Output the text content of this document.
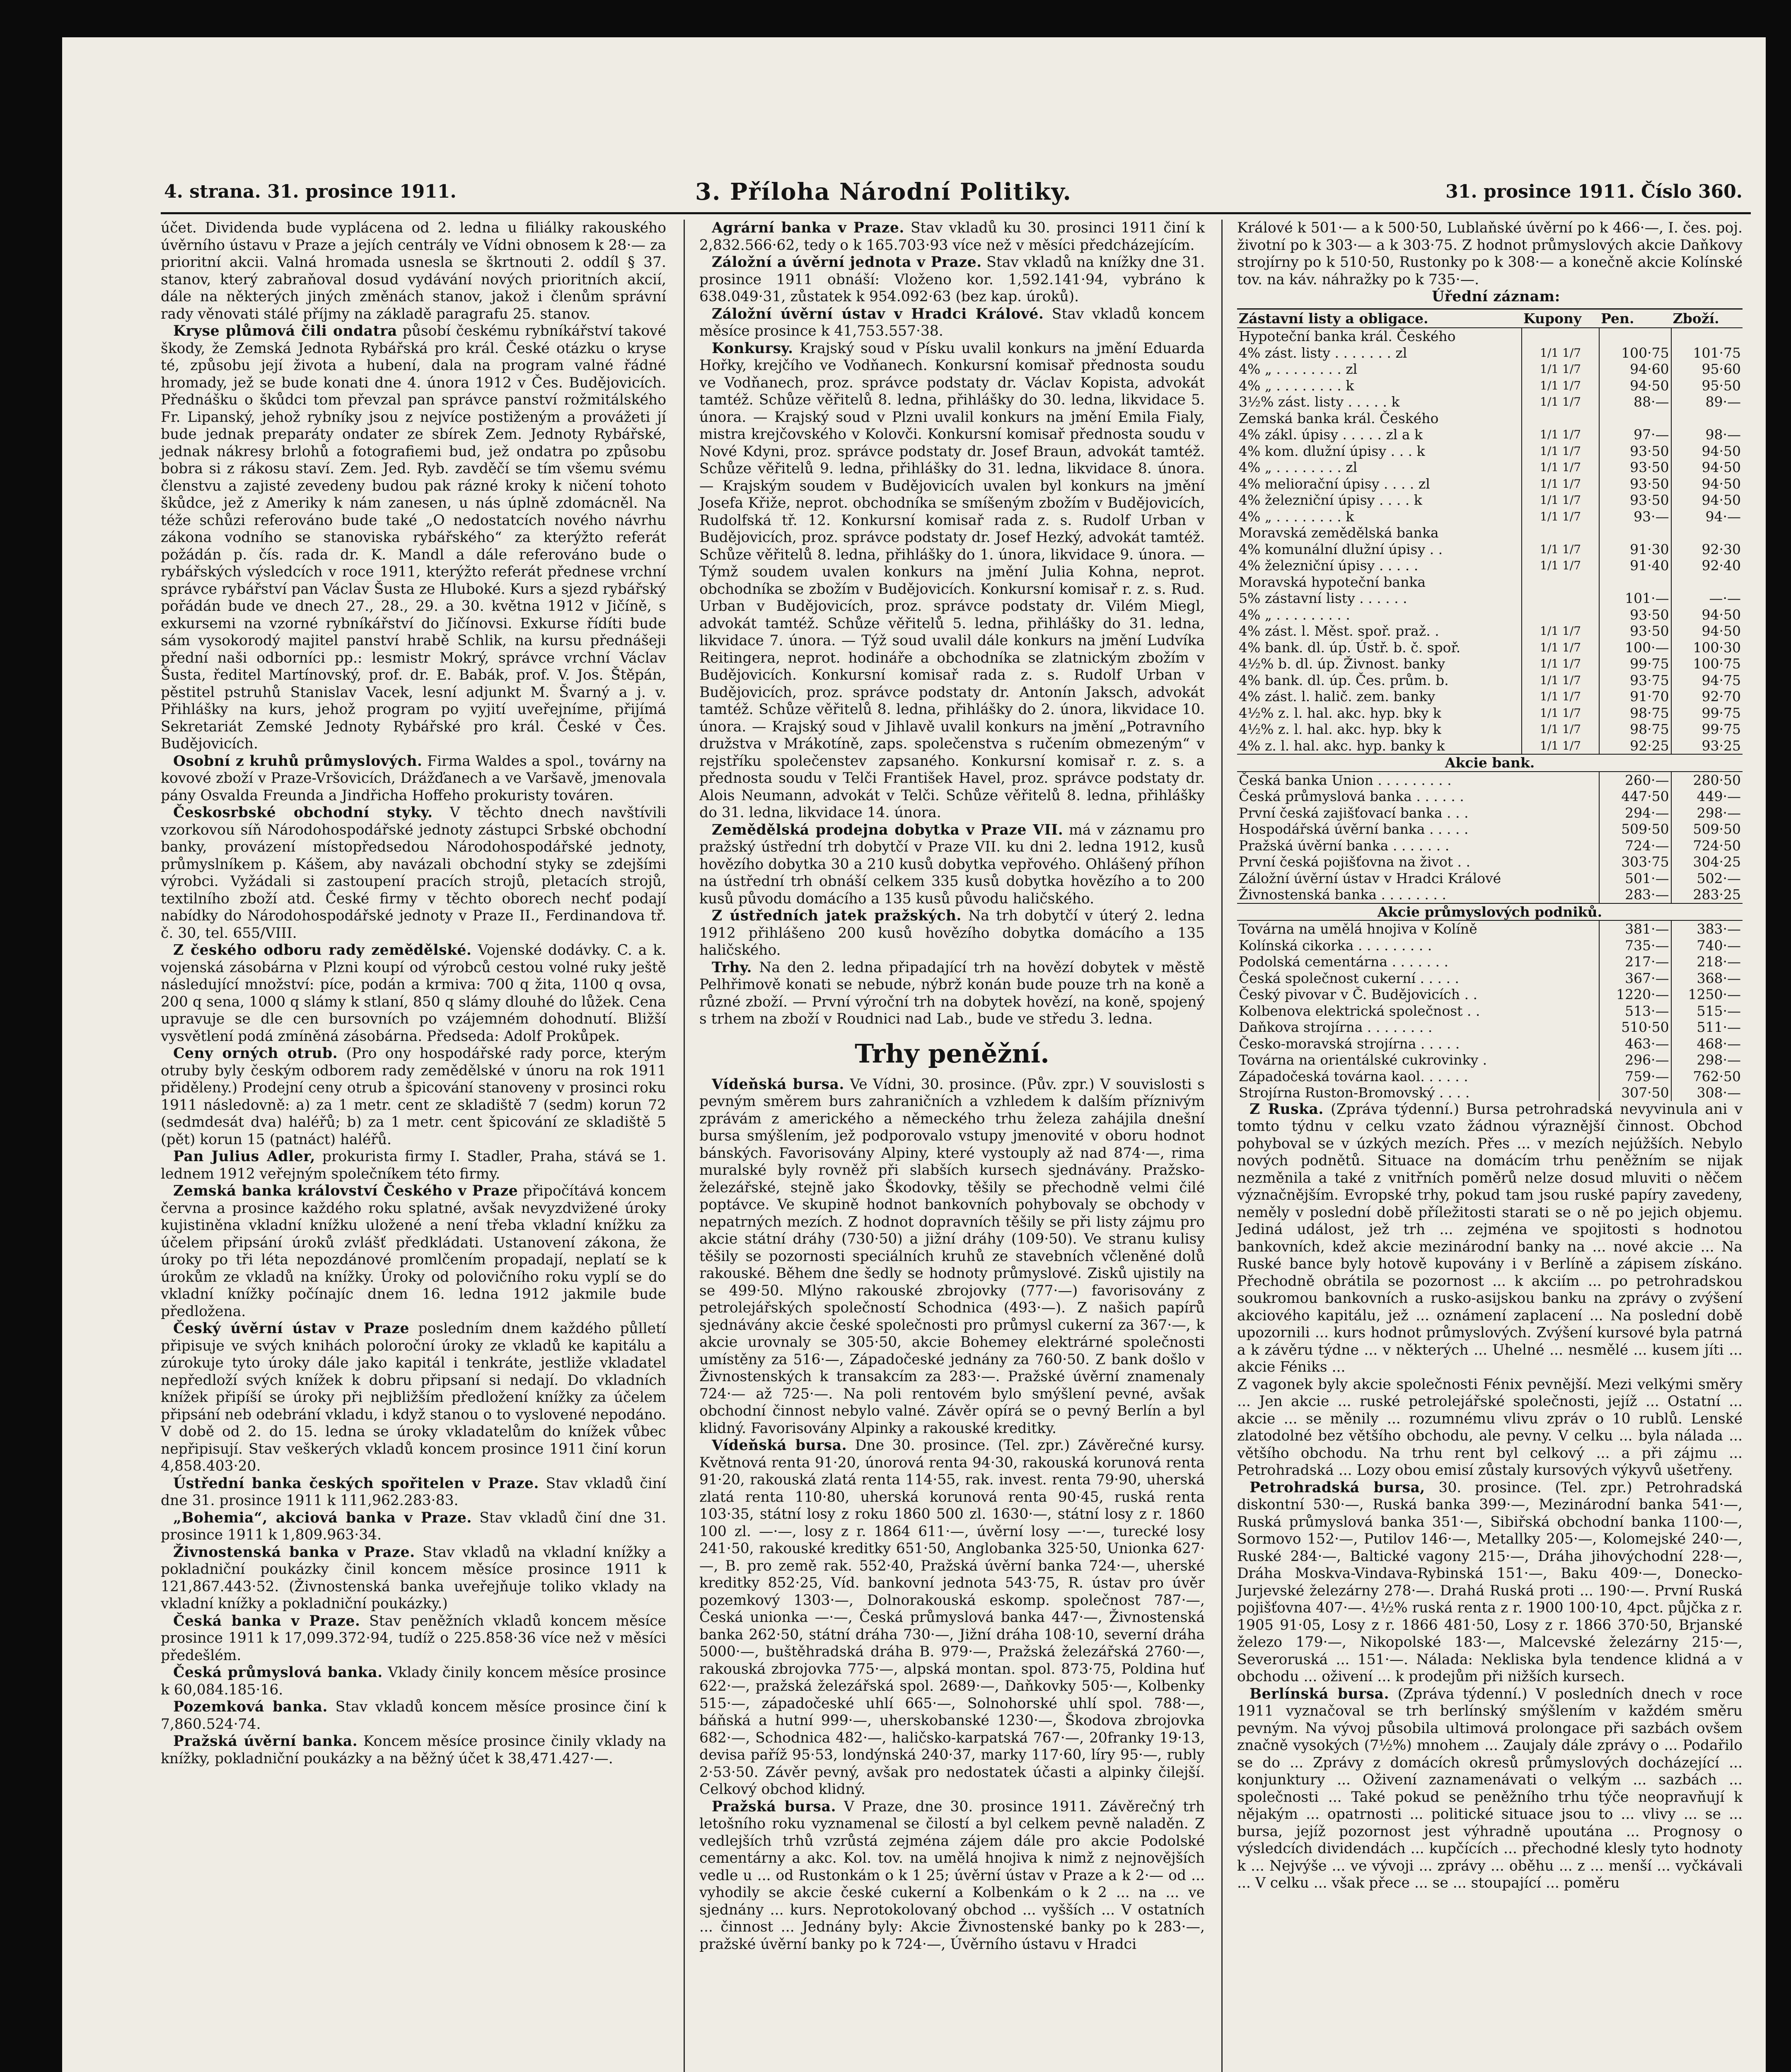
4. strana. 31. prosince 1911.	3. Příloha Národní Politiky.	31. prosince 1911. Číslo 360.

účet. Dividenda bude vyplácena od 2. ledna u filiálky rakouského úvěrního ústavu v Praze a jejích centrály ve Vídni obnosem k 28·— za prioritní akcii. Valná hromada usnesla se škrtnouti 2. oddíl § 37. stanov, který zabraňoval dosud vydávání nových prioritních akcií, dále na některých jiných změnách stanov, jakož i členům správní rady věnovati stálé příjmy na základě paragrafu 25. stanov.

Kryse plůmová čili ondatra působí českému rybníkářství takové škody, že Zemská Jednota Rybářská pro král. České otázku o kryse té, způsobu její života a hubení, dala na program valné řádné hromady, jež se bude konati dne 4. února 1912 v Čes. Budějovicích. Přednášku o škůdci tom převzal pan správce panství rožmitálského Fr. Lipanský, jehož rybníky jsou z nejvíce postiženým a provážeti jí bude jednak preparáty ondater ze sbírek Zem. Jednoty Rybářské, jednak nákresy brlohů a fotografiemi bud, jež ondatra po způsobu bobra si z rákosu staví. Zem. Jed. Ryb. zavděčí se tím všemu svému členstvu a zajisté zevedeny budou pak rázné kroky k ničení tohoto škůdce, jež z Ameriky k nám zanesen, u nás úplně zdomácněl. Na téže schůzi referováno bude také „O nedostatcích nového návrhu zákona vodního se stanoviska rybářského“ za kterýžto referát požádán p. čís. rada dr. K. Mandl a dále referováno bude o rybářských výsledcích v roce 1911, kterýžto referát přednese vrchní správce rybářství pan Václav Šusta ze Hluboké. Kurs a sjezd rybářský pořádán bude ve dnech 27., 28., 29. a 30. května 1912 v Jičíně, s exkursemi na vzorné rybníkářství do Jičínovsi. Exkurse řídíti bude sám vysokorodý majitel panství hrabě Schlik, na kursu přednášeji přední naši odborníci pp.: lesmistr Mokrý, správce vrchní Václav Šusta, ředitel Martínovský, prof. dr. E. Babák, prof. V. Jos. Štěpán, pěstitel pstruhů Stanislav Vacek, lesní adjunkt M. Švarný a j. v. Přihlášky na kurs, jehož program po vyjití uveřejníme, přijímá Sekretariát Zemské Jednoty Rybářské pro král. České v Čes. Budějovicích.

Osobní z kruhů průmyslových. Firma Waldes a spol., továrny na kovové zboží v Praze-Vršovicích, Drážďanech a ve Varšavě, jmenovala pány Osvalda Freunda a Jindřicha Hoffeho prokuristy továren.

Českosrbské obchodní styky. V těchto dnech navštívili vzorkovou síň Národohospodářské jednoty zástupci Srbské obchodní banky, provázení místopředsedou Národohospodářské jednoty, průmyslníkem p. Kášem, aby navázali obchodní styky se zdejšími výrobci. Vyžádali si zastoupení pracích strojů, pletacích strojů, textilního zboží atd. České firmy v těchto oborech nechť podají nabídky do Národohospodářské jednoty v Praze II., Ferdinandova tř. č. 30, tel. 655/VIII.

Z českého odboru rady zemědělské. Vojenské dodávky. C. a k. vojenská zásobárna v Plzni koupí od výrobců cestou volné ruky ještě následující množství: píce, podán a krmiva: 700 q žita, 1100 q ovsa, 200 q sena, 1000 q slámy k stlaní, 850 q slámy dlouhé do lůžek. Cena upravuje se dle cen bursovních po vzájemném dohodnutí. Bližší vysvětlení podá zmíněná zásobárna. Předseda: Adolf Prokůpek.

Ceny orných otrub. (Pro ony hospodářské rady porce, kterým otruby byly českým odborem rady zemědělské v únoru na rok 1911 přiděleny.) Prodejní ceny otrub a špicování stanoveny v prosinci roku 1911 následovně: a) za 1 metr. cent ze skladiště 7 (sedm) korun 72 (sedmdesát dva) haléřů; b) za 1 metr. cent špicování ze skladiště 5 (pět) korun 15 (patnáct) haléřů.

Pan Julius Adler, prokurista firmy I. Stadler, Praha, stává se 1. lednem 1912 veřejným společníkem této firmy.

Zemská banka království Českého v Praze připočítává koncem června a prosince každého roku splatné, avšak nevyzdvižené úroky kujistiněnа vkladní knížku uložené a není třeba vkladní knížku za účelem připsání úroků zvlášť předkládati. Ustanovení zákona, že úroky po tři léta nepozdánové promlčením propadají, neplatí se k úrokům ze vkladů na knížky. Úroky od polovičního roku vyplí se do vkladní knížky počínajíc dnem 16. ledna 1912 jakmile bude předložena.

Český úvěrní ústav v Praze posledním dnem každého půlletí připisuje ve svých knihách poloroční úroky ze vkladů ke kapitálu a zúrokuje tyto úroky dále jako kapitál i tenkráte, jestliže vkladatel nepředloží svých knížek k dobru připsaní si nedají. Do vkladních knížek připíší se úroky při nejbližším předložení knížky za účelem připsání neb odebrání vkladu, i když stanou o to vyslovené nepodáno. V době od 2. do 15. ledna se úroky vkladatelům do knížek vůbec nepřipisují. Stav veškerých vkladů koncem prosince 1911 činí korun 4,858.403·20.

Ústřední banka českých spořitelen v Praze. Stav vkladů činí dne 31. prosince 1911 k 111,962.283·83.

„Bohemia“, akciová banka v Praze. Stav vkladů činí dne 31. prosince 1911 k 1,809.963·34.

Živnostenská banka v Praze. Stav vkladů na vkladní knížky a pokladniční poukázky činil koncem měsíce prosince 1911 k 121,867.443·52. (Živnostenská banka uveřejňuje toliko vklady na vkladní knížky a pokladniční poukázky.)

Česká banka v Praze. Stav peněžních vkladů koncem měsíce prosince 1911 k 17,099.372·94, tudíž o 225.858·36 více než v měsíci předešlém.

Česká průmyslová banka. Vklady činily koncem měsíce prosince k 60,084.185·16.

Pozemková banka. Stav vkladů koncem měsíce prosince činí k 7,860.524·74.

Pražská úvěrní banka. Koncem měsíce prosince činily vklady na knížky, pokladniční poukázky a na běžný účet k 38,471.427·—.

Agrární banka v Praze. Stav vkladů ku 30. prosinci 1911 činí k 2,832.566·62, tedy o k 165.703·93 více než v měsíci předcházejícím.

Záložní a úvěrní jednota v Praze. Stav vkladů na knížky dne 31. prosince 1911 obnáší: Vloženo kor. 1,592.141·94, vybráno k 638.049·31, zůstatek k 954.092·63 (bez kap. úroků).

Záložní úvěrní ústav v Hradci Králové. Stav vkladů koncem měsíce prosince k 41,753.557·38.

Konkursy. Krajský soud v Písku uvalil konkurs na jmění Eduarda Hořky, krejčího ve Vodňanech. Konkursní komisař přednosta soudu ve Vodňanech, proz. správce podstaty dr. Václav Kopista, advokát tamtéž. Schůze věřitelů 8. ledna, přihlášky do 30. ledna, likvidace 5. února. — Krajský soud v Plzni uvalil konkurs na jmění Emila Fialy, mistra krejčovského v Kolovči. Konkursní komisař přednosta soudu v Nové Kdyni, proz. správce podstaty dr. Josef Braun, advokát tamtéž. Schůze věřitelů 9. ledna, přihlášky do 31. ledna, likvidace 8. února. — Krajským soudem v Budějovicích uvalen byl konkurs na jmění Josefa Křiže, neprot. obchodníka se smíšeným zbožím v Budějovicích, Rudolfská tř. 12. Konkursní komisař rada z. s. Rudolf Urban v Budějovicích, proz. správce podstaty dr. Josef Hezký, advokát tamtéž. Schůze věřitelů 8. ledna, přihlášky do 1. února, likvidace 9. února. — Týmž soudem uvalen konkurs na jmění Julia Kohna, neprot. obchodníka se zbožím v Budějovicích. Konkursní komisař r. z. s. Rud. Urban v Budějovicích, proz. správce podstaty dr. Vilém Miegl, advokát tamtéž. Schůze věřitelů 5. ledna, přihlášky do 31. ledna, likvidace 7. února. — Týž soud uvalil dále konkurs na jmění Ludvíka Reitingera, neprot. hodináře a obchodníka se zlatnickým zbožím v Budějovicích. Konkursní komisař rada z. s. Rudolf Urban v Budějovicích, proz. správce podstaty dr. Antonín Jaksch, advokát tamtéž. Schůze věřitelů 8. ledna, přihlášky do 2. února, likvidace 10. února. — Krajský soud v Jihlavě uvalil konkurs na jmění „Potravního družstva v Mrákotíně, zaps. společenstva s ručením obmezeným“ v rejstříku společenstev zapsaného. Konkursní komisař r. z. s. a přednosta soudu v Telči František Havel, proz. správce podstaty dr. Alois Neumann, advokát v Telči. Schůze věřitelů 8. ledna, přihlášky do 31. ledna, likvidace 14. února.

Zemědělská prodejna dobytka v Praze VII. má v záznamu pro pražský ústřední trh dobytčí v Praze VII. ku dni 2. ledna 1912, kusů hovězího dobytka 30 a 210 kusů dobytka vepřového. Ohlášený příhon na ústřední trh obnáší celkem 335 kusů dobytka hovězího a to 200 kusů původu domácího a 135 kusů původu haličského.

Z ústředních jatek pražských. Na trh dobytčí v úterý 2. ledna 1912 přihlášeno 200 kusů hovězího dobytka domácího a 135 haličského.

Trhy. Na den 2. ledna připadající trh na hovězí dobytek v městě Pelhřimově konati se nebude, nýbrž konán bude pouze trh na koně a různé zboží. — První výroční trh na dobytek hovězí, na koně, spojený s trhem na zboží v Roudnici nad Lab., bude ve středu 3. ledna.

Trhy peněžní.

Vídeňská bursa. Ve Vídni, 30. prosince. (Pův. zpr.) V souvislosti s pevným směrem burs zahraničních a vzhledem k dalším příznivým zprávám z amerického a německého trhu železa zahájila dnešní bursa smýšlením, jež podporovalo vstupy jmenovité v oboru hodnot bánských. Favorisovány Alpiny, které vystouply až nad 874·—, rima muralské byly rovněž při slabších kursech sjednávány. Pražsko-železářské, stejně jako Škodovky, těšily se přechodně velmi čilé poptávce. Ve skupině hodnot bankovních pohybovaly se obchody v nepatrných mezích. Z hodnot dopravních těšily se při listy zájmu pro akcie státní dráhy (730·50) a jižní dráhy (109·50). Ve stranu kulisy těšily se pozornosti speciálních kruhů ze stavebních včleněné dolů rakouské. Během dne šedly se hodnoty průmyslové. Zisků ujistily na se 499·50. Mlýno rakouské zbrojovky (777·—) favorisovány z petrolejářských společností Schodnica (493·—). Z našich papírů sjednávány akcie české společnosti pro průmysl cukerní za 367·—, k akcie urovnaly se 305·50, akcie Bohemey elektrárné společnosti umístěny za 516·—, Západočeské jednány za 760·50. Z bank došlo v Živnostenských k transakcím za 283·—. Pražské úvěrní znamenaly 724·— až 725·—. Na poli rentovém bylo smýšlení pevné, avšak obchodní činnost nebylo valné. Závěr opírá se o pevný Berlín a byl klidný. Favorisovány Alpinky a rakouské kreditky.

Vídeňská bursa. Dne 30. prosince. (Tel. zpr.) Závěrečné kursy. Květnová renta 91·20, únorová renta 94·30, rakouská korunová renta 91·20, rakouská zlatá renta 114·55, rak. invest. renta 79·90, uherská zlatá renta 110·80, uherská korunová renta 90·45, ruská renta 103·35, státní losy z roku 1860 500 zl. 1630·—, státní losy z r. 1860 100 zl. —·—, losy z r. 1864 611·—, úvěrní losy —·—, turecké losy 241·50, rakouské kreditky 651·50, Anglobanka 325·50, Unionka 627·—, B. pro země rak. 552·40, Pražská úvěrní banka 724·—, uherské kreditky 852·25, Víd. bankovní jednota 543·75, R. ústav pro úvěr pozemkový 1303·—, Dolnorakouská eskomp. společnost 787·—, Česká unionka —·—, Česká průmyslová banka 447·—, Živnostenská banka 262·50, státní dráha 730·—, Jižní dráha 108·10, severní dráha 5000·—, buštěhradská dráha B. 979·—, Pražská železářská 2760·—, rakouská zbrojovka 775·—, alpská montan. spol. 873·75, Poldina huť 622·—, pražská železářská spol. 2689·—, Daňkovky 505·—, Kolbenky 515·—, západočeské uhlí 665·—, Solnohorské uhlí spol. 788·—, báňská a hutní 999·—, uherskobanské 1230·—, Škodova zbrojovka 682·—, Schodnica 482·—, haličsko-karpatská 767·—, 20franky 19·13, devisa paříž 95·53, londýnská 240·37, marky 117·60, líry 95·—, rubly 2·53·50. Závěr pevný, avšak pro nedostatek účasti a alpinky čilejší. Celkový obchod klidný.

Pražská bursa. V Praze, dne 30. prosince 1911. Závěrečný trh letošního roku vyznamenal se čilostí a byl celkem pevně naladěn. Z vedlejších trhů vzrůstá zejména zájem dále pro akcie Podolské cementárny a akc. Kol. tov. na umělá hnojiva k nimž z nejnovějších vedle u ... od Rustonkám o k 1 25; úvěrní ústav v Praze a k 2·— od ... vyhodily se akcie české cukerní a Kolbenkám o k 2 ... na ... ve sjednány ... kurs. Neprotokolovaný obchod ... vyšších ... V ostatních ... činnost ... Jednány byly: Akcie Živnostenské banky po k 283·—, pražské úvěrní banky po k 724·—, Úvěrního ústavu v Hradci

Králové k 501·— a k 500·50, Lublaňské úvěrní po k 466·—, I. čes. poj. životní po k 303·— a k 303·75. Z hodnot průmyslových akcie Daňkovy strojírny po k 510·50, Rustonky po k 308·— a konečně akcie Kolínské tov. na káv. náhražky po k 735·—.

Úřední záznam:

Zástavní listy a obligace.	Kupony	Pen.	Zboží.
Hypoteční banka král. Českého			
4% zást. listy . . . . . . . zl	1/1 1/7	100·75	101·75
4% „ . . . . . . . . zl	1/1 1/7	94·60	95·60
4% „ . . . . . . . . k	1/1 1/7	94·50	95·50
3½% zást. listy . . . . . k	1/1 1/7	88·—	89·—
Zemská banka král. Českého			
4% zákl. úpisy . . . . . zl a k	1/1 1/7	97·—	98·—
4% kom. dlužní úpisy . . . k	1/1 1/7	93·50	94·50
4% „ . . . . . . . . zl	1/1 1/7	93·50	94·50
4% meliorační úpisy . . . . zl	1/1 1/7	93·50	94·50
4% železniční úpisy . . . . k	1/1 1/7	93·50	94·50
4% „ . . . . . . . . k	1/1 1/7	93·—	94·—
Moravská zemědělská banka			
4% komunální dlužní úpisy . .	1/1 1/7	91·30	92·30
4% železniční úpisy . . . . .	1/1 1/7	91·40	92·40
Moravská hypoteční banka			
5% zástavní listy . . . . . .		101·—	—·—
4% „ . . . . . . . . .		93·50	94·50
4% zást. l. Měst. spoř. praž. .	1/1 1/7	93·50	94·50
4% bank. dl. úp. Ústř. b. č. spoř.	1/1 1/7	100·—	100·30
4½% b. dl. úp. Živnost. banky	1/1 1/7	99·75	100·75
4% bank. dl. úp. Čes. prům. b.	1/1 1/7	93·75	94·75
4% zást. l. halič. zem. banky	1/1 1/7	91·70	92·70
4½% z. l. hal. akc. hyp. bky k	1/1 1/7	98·75	99·75
4½% z. l. hal. akc. hyp. bky k	1/1 1/7	98·75	99·75
4% z. l. hal. akc. hyp. banky k	1/1 1/7	92·25	93·25
Akcie bank.			
Česká banka Union . . . . . . . . .		260·—	280·50
Česká průmyslová banka . . . . . .		447·50	449·—
První česká zajišťovací banka . . .		294·—	298·—
Hospodářská úvěrní banka . . . . .		509·50	509·50
Pražská úvěrní banka . . . . . . .		724·—	724·50
První česká pojišťovna na život . .		303·75	304·25
Záložní úvěrní ústav v Hradci Králové		501·—	502·—
Živnostenská banka . . . . . . . .		283·—	283·25
Akcie průmyslových podniků.			
Továrna na umělá hnojiva v Kolíně		381·—	383·—
Kolínská cikorka . . . . . . . . .		735·—	740·—
Podolská cementárna . . . . . . .		217·—	218·—
Česká společnost cukerní . . . . .		367·—	368·—
Český pivovar v Č. Budějovicích . .		1220·—	1250·—
Kolbenova elektrická společnost . .		513·—	515·—
Daňkova strojírna . . . . . . . .		510·50	511·—
Česko-moravská strojírna . . . . .		463·—	468·—
Továrna na orientálské cukrovinky .		296·—	298·—
Západočeská továrna kaol. . . . . .		759·—	762·50
Strojírna Ruston-Bromovský . . . .		307·50	308·—

Z Ruska. (Zpráva týdenní.) Bursa petrohradská nevyvinula ani v tomto týdnu v celku vzato žádnou výraznější činnost. Obchod pohyboval se v úzkých mezích. Přes ... v mezích nejúžších. Nebylo nových podnětů. Situace na domácím trhu peněžním se nijak nezměnila a také z vnitřních poměrů nelze dosud mluviti o něčem význačnějším. Evropské trhy, pokud tam jsou ruské papíry zavedeny, neměly v poslední době příležitosti starati se o ně po jejich objemu. Jediná událost, jež trh ... zejména ve spojitosti s hodnotou bankovních, kdež akcie mezinárodní banky na ... nové akcie ... Na Ruské bance byly hotově kupovány i v Berlíně a zápisem získáno. Přechodně obrátila se pozornost ... k akciím ... po petrohradskou soukromou bankovních a rusko-asijskou banku na zprávy o zvýšení akciového kapitálu, jež ... oznámení zaplacení ... Na poslední době upozornili ... kurs hodnot průmyslových. Zvýšení kursové byla patrná a k závěru týdne ... v některých ... Uhelné ... nesmělé ... kusem jíti ... akcie Féniks ...

Z vagonek byly akcie společnosti Fénix pevnější. Mezi velkými směry ... Jen akcie ... ruské petrolejářské společnosti, jejíž ... Ostatní ... akcie ... se měnily ... rozumnému vlivu zpráv o 10 rublů. Lenské zlatodolné bez většího obchodu, ale pevny. V celku ... byla nálada ... většího obchodu. Na trhu rent byl celkový ... a při zájmu ... Petrohradská ... Lozy obou emisí zůstaly kursových výkyvů ušetřeny.

Petrohradská bursa, 30. prosince. (Tel. zpr.) Petrohradská diskontní 530·—, Ruská banka 399·—, Mezinárodní banka 541·—, Ruská průmyslová banka 351·—, Sibiřská obchodní banka 1100·—, Sormovo 152·—, Putilov 146·—, Metallky 205·—, Kolomejské 240·—, Ruské 284·—, Baltické vagony 215·—, Dráha jihovýchodní 228·—, Dráha Moskva-Vindava-Rybinská 151·—, Baku 409·—, Donecko-Jurjevské železárny 278·—. Drahá Ruská proti ... 190·—. První Ruská pojišťovna 407·—. 4½% ruská renta z r. 1900 100·10, 4pct. půjčka z r. 1905 91·05, Losy z r. 1866 481·50, Losy z r. 1866 370·50, Brjanské železo 179·—, Nikopolské 183·—, Malcevské železárny 215·—, Severoruská ... 151·—. Nálada: Nekliska byla tendence klidná a v obchodu ... oživení ... k prodejům při nižších kursech.

Berlínská bursa. (Zpráva týdenní.) V posledních dnech v roce 1911 vyznačoval se trh berlínský smýšlením v každém směru pevným. Na vývoj působila ultimová prolongace při sazbách ovšem značně vysokých (7½%) mnohem ... Zaujaly dále zprávy o ... Podařilo se do ... Zprávy z domácích okresů průmyslových docházející ... konjunktury ... Oživení zaznamenávati o velkým ... sazbách ... společnosti ... Také pokud se peněžního trhu týče neopravňují k nějakým ... opatrnosti ... politické situace jsou to ... vlivy ... se ... bursa, jejíž pozornost jest výhradně upoutána ... Prognosy o výsledcích dividendách ... kupčících ... přechodné klesly tyto hodnoty k ... Nejvýše ... ve vývoji ... zprávy ... oběhu ... z ... menší ... vyčkávali ... V celku ... však přece ... se ... stoupající ... poměru
